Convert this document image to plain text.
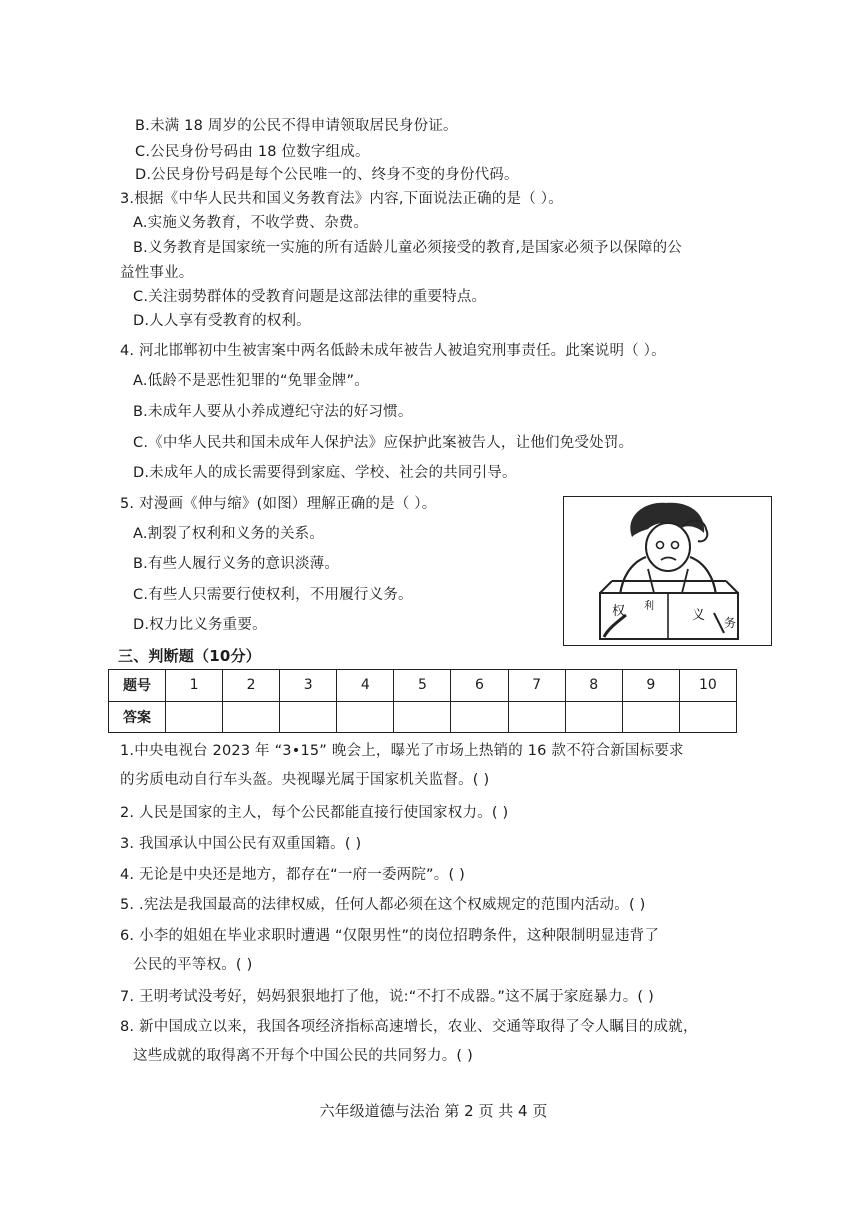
B.未满 18 周岁的公民不得申请领取居民身份证。
C.公民身份号码由 18 位数字组成。
D.公民身份号码是每个公民唯一的、终身不变的身份代码。
3.根据《中华人民共和国义务教育法》内容,下面说法正确的是（ ）。
A.实施义务教育，不收学费、杂费。
B.义务教育是国家统一实施的所有适龄儿童必须接受的教育,是国家必须予以保障的公
益性事业。
C.关注弱势群体的受教育问题是这部法律的重要特点。
D.人人享有受教育的权利。
4. 河北邯郸初中生被害案中两名低龄未成年被告人被追究刑事责任。此案说明（ ）。
A.低龄不是恶性犯罪的“免罪金牌”。
B.未成年人要从小养成遵纪守法的好习惯。
C.《中华人民共和国未成年人保护法》应保护此案被告人，让他们免受处罚。
D.未成年人的成长需要得到家庭、学校、社会的共同引导。
5. 对漫画《伸与缩》(如图）理解正确的是（ ）。
A.割裂了权利和义务的关系。
B.有些人履行义务的意识淡薄。
C.有些人只需要行使权利，不用履行义务。
D.权力比义务重要。
权 利
义 务
三、判断题（10分）
题号	1	2	3	4	5	6	7	8	9	10
答案										
1.中央电视台 2023 年 “3•15” 晚会上，曝光了市场上热销的 16 款不符合新国标要求
的劣质电动自行车头盔。央视曝光属于国家机关监督。( )
2. 人民是国家的主人，每个公民都能直接行使国家权力。( )
3. 我国承认中国公民有双重国籍。( )
4. 无论是中央还是地方，都存在“一府一委两院”。( )
5. .宪法是我国最高的法律权威，任何人都必须在这个权威规定的范围内活动。( )
6. 小李的姐姐在毕业求职时遭遇 “仅限男性”的岗位招聘条件，这种限制明显违背了
公民的平等权。( )
7. 王明考试没考好，妈妈狠狠地打了他，说:“不打不成器。”这不属于家庭暴力。( )
8. 新中国成立以来，我国各项经济指标高速增长，农业、交通等取得了令人瞩目的成就，
这些成就的取得离不开每个中国公民的共同努力。( )
六年级道德与法治 第 2 页 共 4 页
